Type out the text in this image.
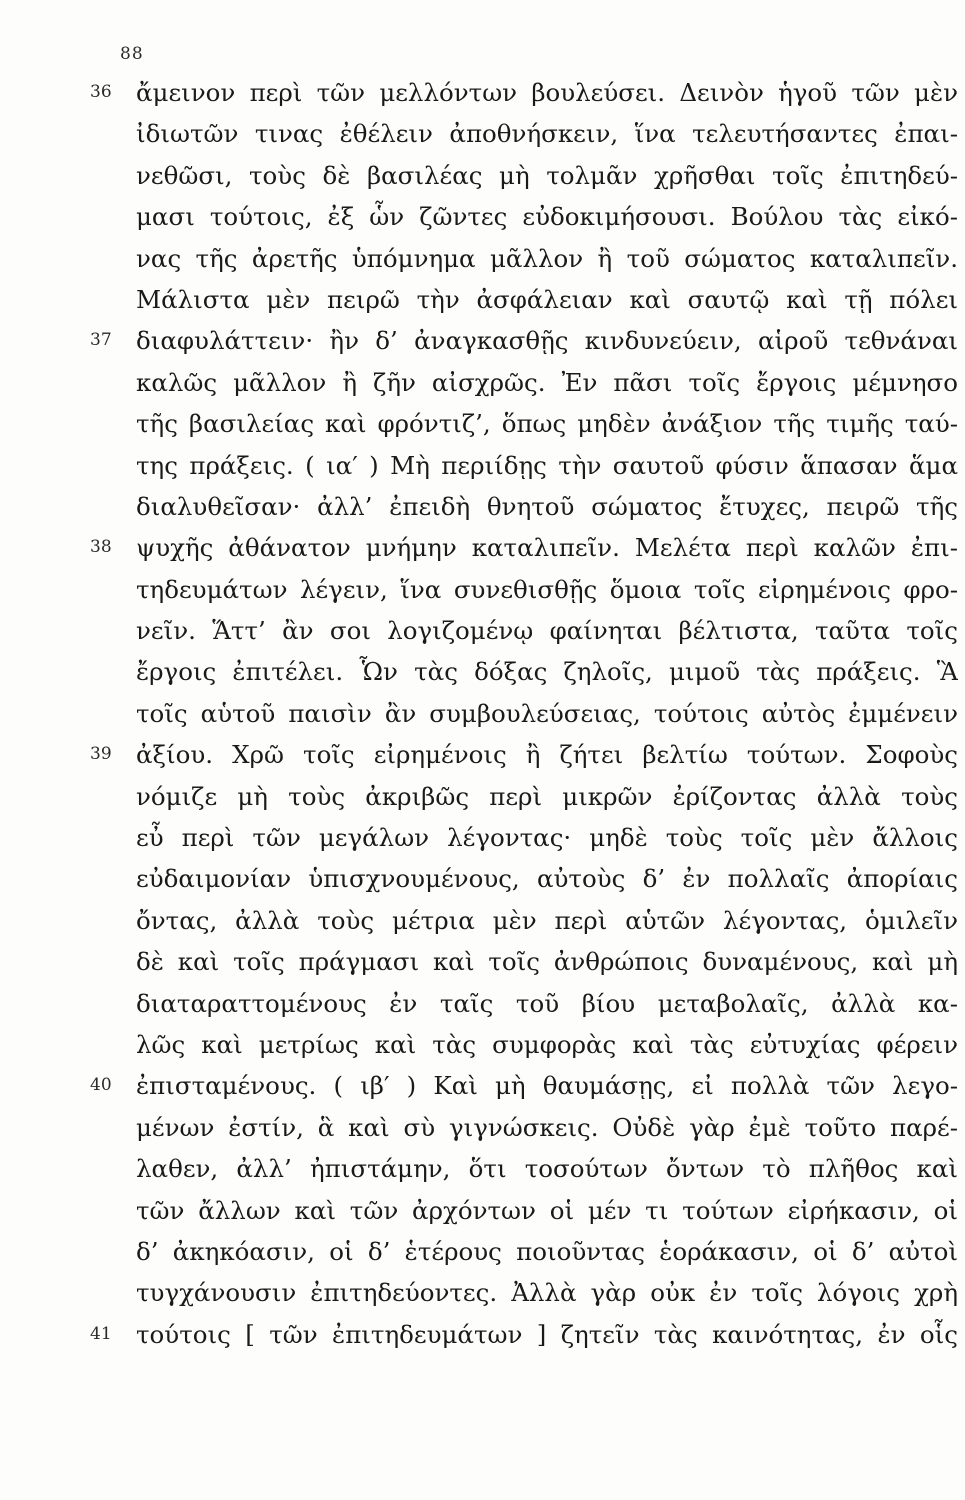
88
36 ἄμεινον περὶ τῶν μελλόντων βουλεύσει. Δεινὸν ἡγοῦ τῶν μὲν
ἰδιωτῶν τινας ἐθέλειν ἀποθνήσκειν, ἵνα τελευτήσαντες ἐπαι-
νεθῶσι, τοὺς δὲ βασιλέας μὴ τολμᾶν χρῆσθαι τοῖς ἐπιτηδεύ-
μασι τούτοις, ἐξ ὧν ζῶντες εὐδοκιμήσουσι. Βούλου τὰς εἰκό-
νας τῆς ἀρετῆς ὑπόμνημα μᾶλλον ἢ τοῦ σώματος καταλιπεῖν.
Μάλιστα μὲν πειρῶ τὴν ἀσφάλειαν καὶ σαυτῷ καὶ τῇ πόλει
37 διαφυλάττειν· ἢν δ’ ἀναγκασθῇς κινδυνεύειν, αἱροῦ τεθνάναι
καλῶς μᾶλλον ἢ ζῆν αἰσχρῶς. Ἐν πᾶσι τοῖς ἔργοις μέμνησο
τῆς βασιλείας καὶ φρόντιζ’, ὅπως μηδὲν ἀνάξιον τῆς τιμῆς ταύ-
της πράξεις. ( ια′ ) Μὴ περιίδῃς τὴν σαυτοῦ φύσιν ἅπασαν ἅμα
διαλυθεῖσαν· ἀλλ’ ἐπειδὴ θνητοῦ σώματος ἔτυχες, πειρῶ τῆς
38 ψυχῆς ἀθάνατον μνήμην καταλιπεῖν. Μελέτα περὶ καλῶν ἐπι-
τηδευμάτων λέγειν, ἵνα συνεθισθῇς ὅμοια τοῖς εἰρημένοις φρο-
νεῖν. Ἅττ’ ἂν σοι λογιζομένῳ φαίνηται βέλτιστα, ταῦτα τοῖς
ἔργοις ἐπιτέλει. Ὧν τὰς δόξας ζηλοῖς, μιμοῦ τὰς πράξεις. Ἃ
τοῖς αὑτοῦ παισὶν ἂν συμβουλεύσειας, τούτοις αὐτὸς ἐμμένειν
39 ἀξίου. Χρῶ τοῖς εἰρημένοις ἢ ζήτει βελτίω τούτων. Σοφοὺς
νόμιζε μὴ τοὺς ἀκριβῶς περὶ μικρῶν ἐρίζοντας ἀλλὰ τοὺς
εὖ περὶ τῶν μεγάλων λέγοντας· μηδὲ τοὺς τοῖς μὲν ἄλλοις
εὐδαιμονίαν ὑπισχνουμένους, αὐτοὺς δ’ ἐν πολλαῖς ἀπορίαις
ὄντας, ἀλλὰ τοὺς μέτρια μὲν περὶ αὑτῶν λέγοντας, ὁμιλεῖν
δὲ καὶ τοῖς πράγμασι καὶ τοῖς ἀνθρώποις δυναμένους, καὶ μὴ
διαταραττομένους ἐν ταῖς τοῦ βίου μεταβολαῖς, ἀλλὰ κα-
λῶς καὶ μετρίως καὶ τὰς συμφορὰς καὶ τὰς εὐτυχίας φέρειν
40 ἐπισταμένους. ( ιβ′ ) Καὶ μὴ θαυμάσῃς, εἰ πολλὰ τῶν λεγο-
μένων ἐστίν, ἃ καὶ σὺ γιγνώσκεις. Οὐδὲ γὰρ ἐμὲ τοῦτο παρέ-
λαθεν, ἀλλ’ ἠπιστάμην, ὅτι τοσούτων ὄντων τὸ πλῆθος καὶ
τῶν ἄλλων καὶ τῶν ἀρχόντων οἱ μέν τι τούτων εἰρήκασιν, οἱ
δ’ ἀκηκόασιν, οἱ δ’ ἑτέρους ποιοῦντας ἑοράκασιν, οἱ δ’ αὐτοὶ
τυγχάνουσιν ἐπιτηδεύοντες. Ἀλλὰ γὰρ οὐκ ἐν τοῖς λόγοις χρὴ
41 τούτοις [ τῶν ἐπιτηδευμάτων ] ζητεῖν τὰς καινότητας, ἐν οἷς
